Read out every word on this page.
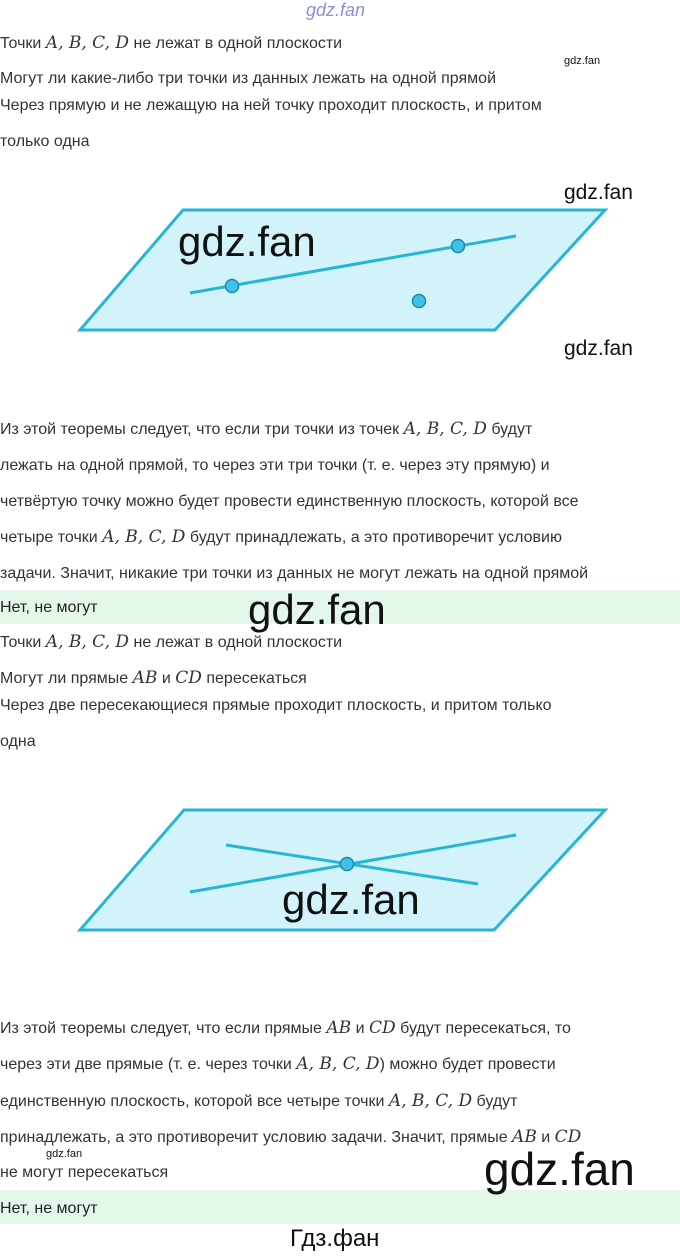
gdz.fan
Точки A, B, C, D не лежат в одной плоскости
Могут ли какие-либо три точки из данных лежать на одной прямой
gdz.fan
Через прямую и не лежащую на ней точку проходит плоскость, и притом
только одна
gdz.fan
gdz.fan
gdz.fan
Из этой теоремы следует, что если три точки из точек A, B, C, D будут
лежать на одной прямой, то через эти три точки (т. е. через эту прямую) и
четвёртую точку можно будет провести единственную плоскость, которой все
четыре точки A, B, C, D будут принадлежать, а это противоречит условию
задачи. Значит, никакие три точки из данных не могут лежать на одной прямой
Нет, не могут	gdz.fan
Точки A, B, C, D не лежат в одной плоскости
Могут ли прямые AB и CD пересекаться
Через две пересекающиеся прямые проходит плоскость, и притом только
одна
gdz.fan
Из этой теоремы следует, что если прямые AB и CD будут пересекаться, то
через эти две прямые (т. е. через точки A, B, C, D) можно будет провести
единственную плоскость, которой все четыре точки A, B, C, D будут
принадлежать, а это противоречит условию задачи. Значит, прямые AB и CD
не могут пересекаться
gdz.fan
Нет, не могут
gdz.fan
Гдз.фан
